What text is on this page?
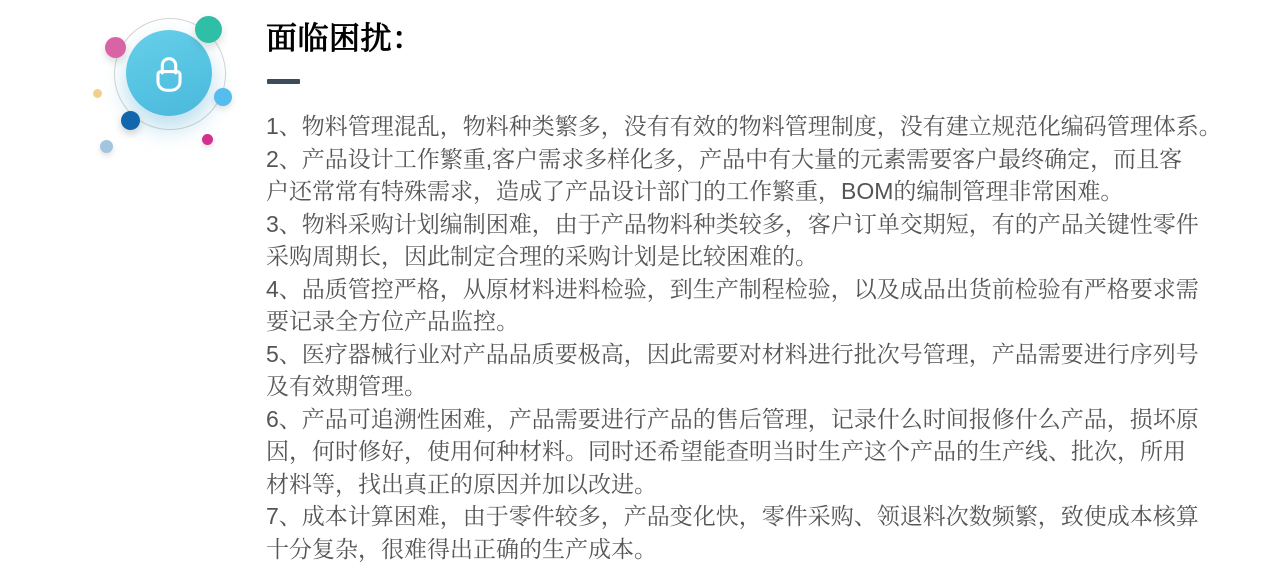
面临困扰：
1、物料管理混乱，物料种类繁多，没有有效的物料管理制度，没有建立规范化编码管理体系。
2、产品设计工作繁重,客户需求多样化多，产品中有大量的元素需要客户最终确定，而且客
户还常常有特殊需求，造成了产品设计部门的工作繁重，BOM的编制管理非常困难。
3、物料采购计划编制困难，由于产品物料种类较多，客户订单交期短，有的产品关键性零件
采购周期长，因此制定合理的采购计划是比较困难的。
4、品质管控严格，从原材料进料检验，到生产制程检验，以及成品出货前检验有严格要求需
要记录全方位产品监控。
5、医疗器械行业对产品品质要极高，因此需要对材料进行批次号管理，产品需要进行序列号
及有效期管理。
6、产品可追溯性困难，产品需要进行产品的售后管理，记录什么时间报修什么产品，损坏原
因，何时修好，使用何种材料。同时还希望能查明当时生产这个产品的生产线、批次，所用
材料等，找出真正的原因并加以改进。
7、成本计算困难，由于零件较多，产品变化快，零件采购、领退料次数频繁，致使成本核算
十分复杂，很难得出正确的生产成本。
